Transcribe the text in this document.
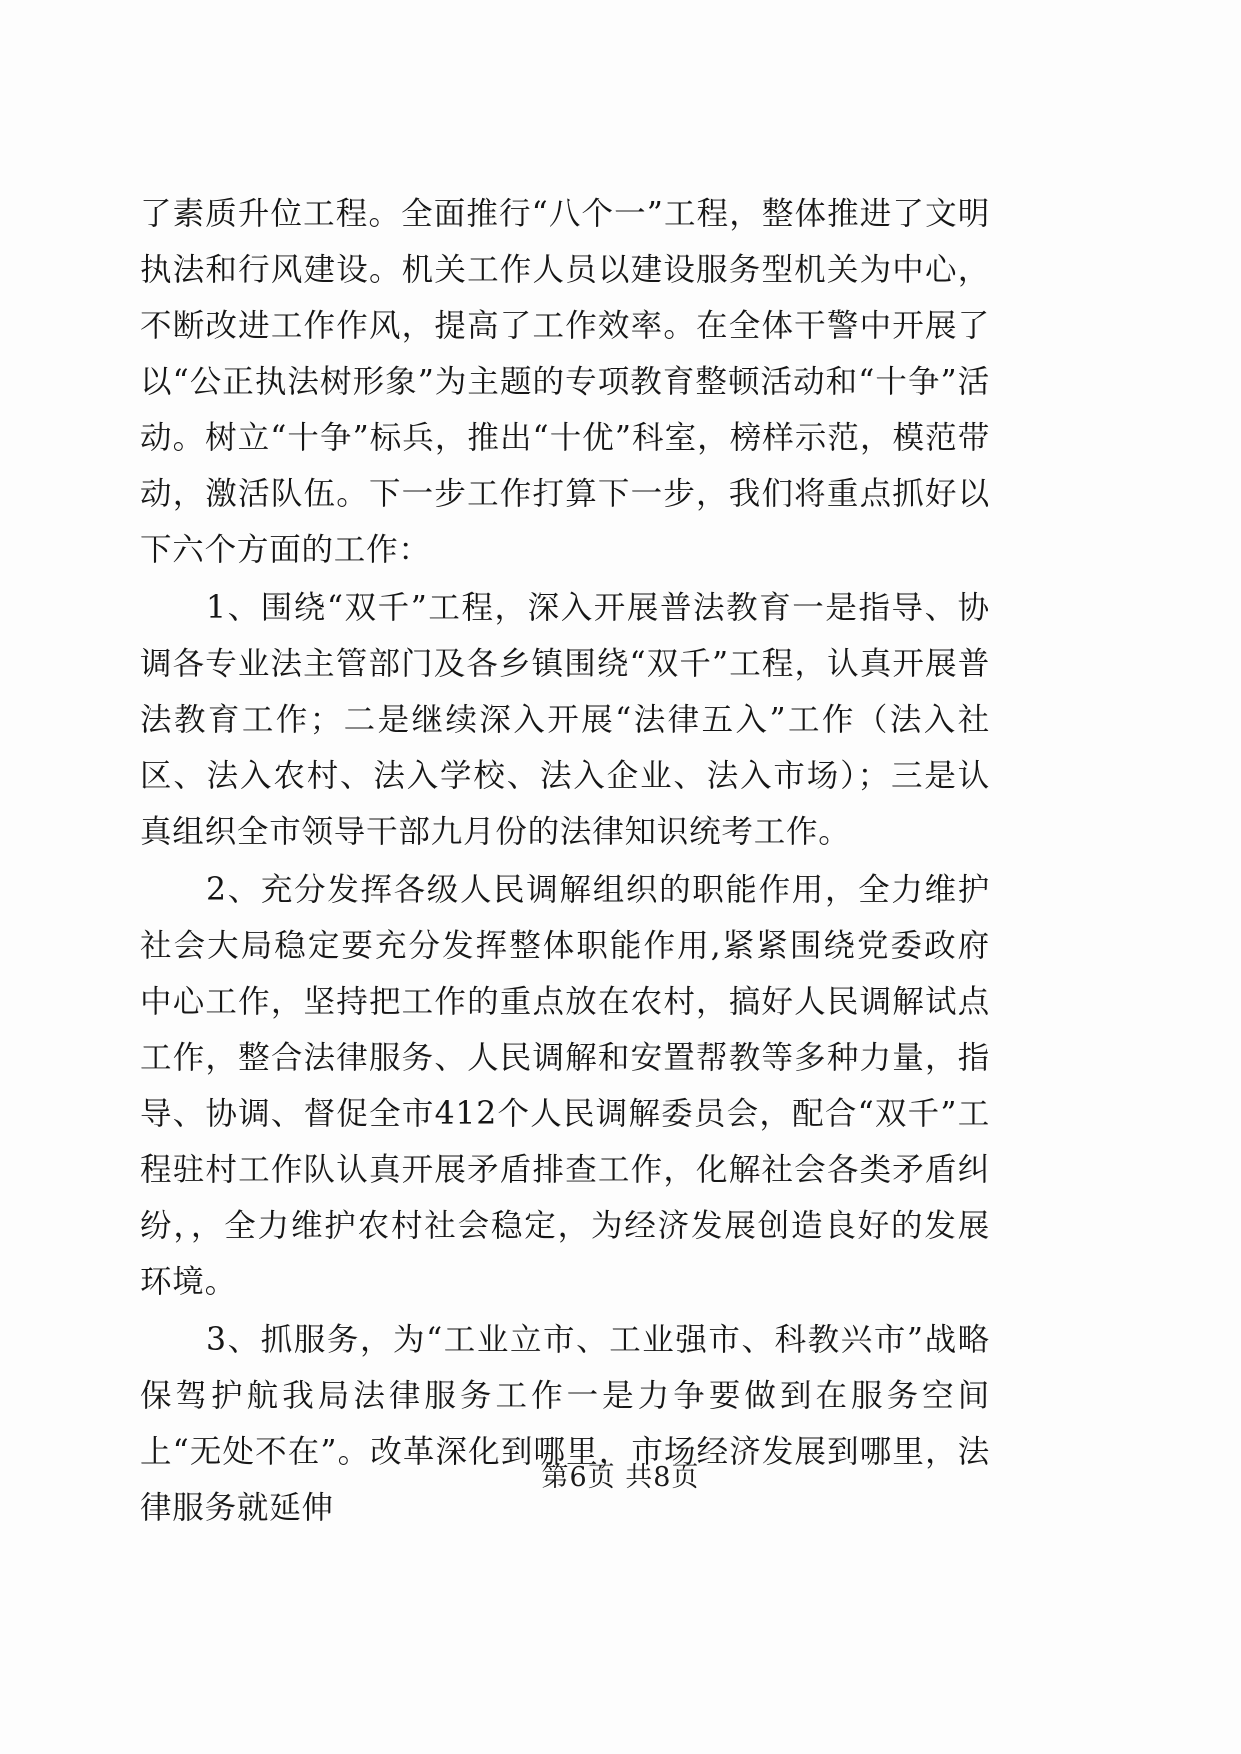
了素质升位工程。全面推行“八个一”工程，整体推进了文明执法和行风建设。机关工作人员以建设服务型机关为中心，不断改进工作作风，提高了工作效率。在全体干警中开展了以“公正执法树形象”为主题的专项教育整顿活动和“十争”活动。树立“十争”标兵，推出“十优”科室，榜样示范，模范带动，激活队伍。下一步工作打算下一步，我们将重点抓好以下六个方面的工作：

1、围绕“双千”工程，深入开展普法教育一是指导、协调各专业法主管部门及各乡镇围绕“双千”工程，认真开展普法教育工作；二是继续深入开展“法律五入”工作（法入社区、法入农村、法入学校、法入企业、法入市场）；三是认真组织全市领导干部九月份的法律知识统考工作。

2、充分发挥各级人民调解组织的职能作用，全力维护社会大局稳定要充分发挥整体职能作用,紧紧围绕党委政府中心工作，坚持把工作的重点放在农村，搞好人民调解试点工作，整合法律服务、人民调解和安置帮教等多种力量，指导、协调、督促全市412个人民调解委员会，配合“双千”工程驻村工作队认真开展矛盾排查工作，化解社会各类矛盾纠纷，，全力维护农村社会稳定，为经济发展创造良好的发展环境。

3、抓服务，为“工业立市、工业强市、科教兴市”战略保驾护航我局法律服务工作一是力争要做到在服务空间上“无处不在”。改革深化到哪里，市场经济发展到哪里，法律服务就延伸

第6页 共8页
